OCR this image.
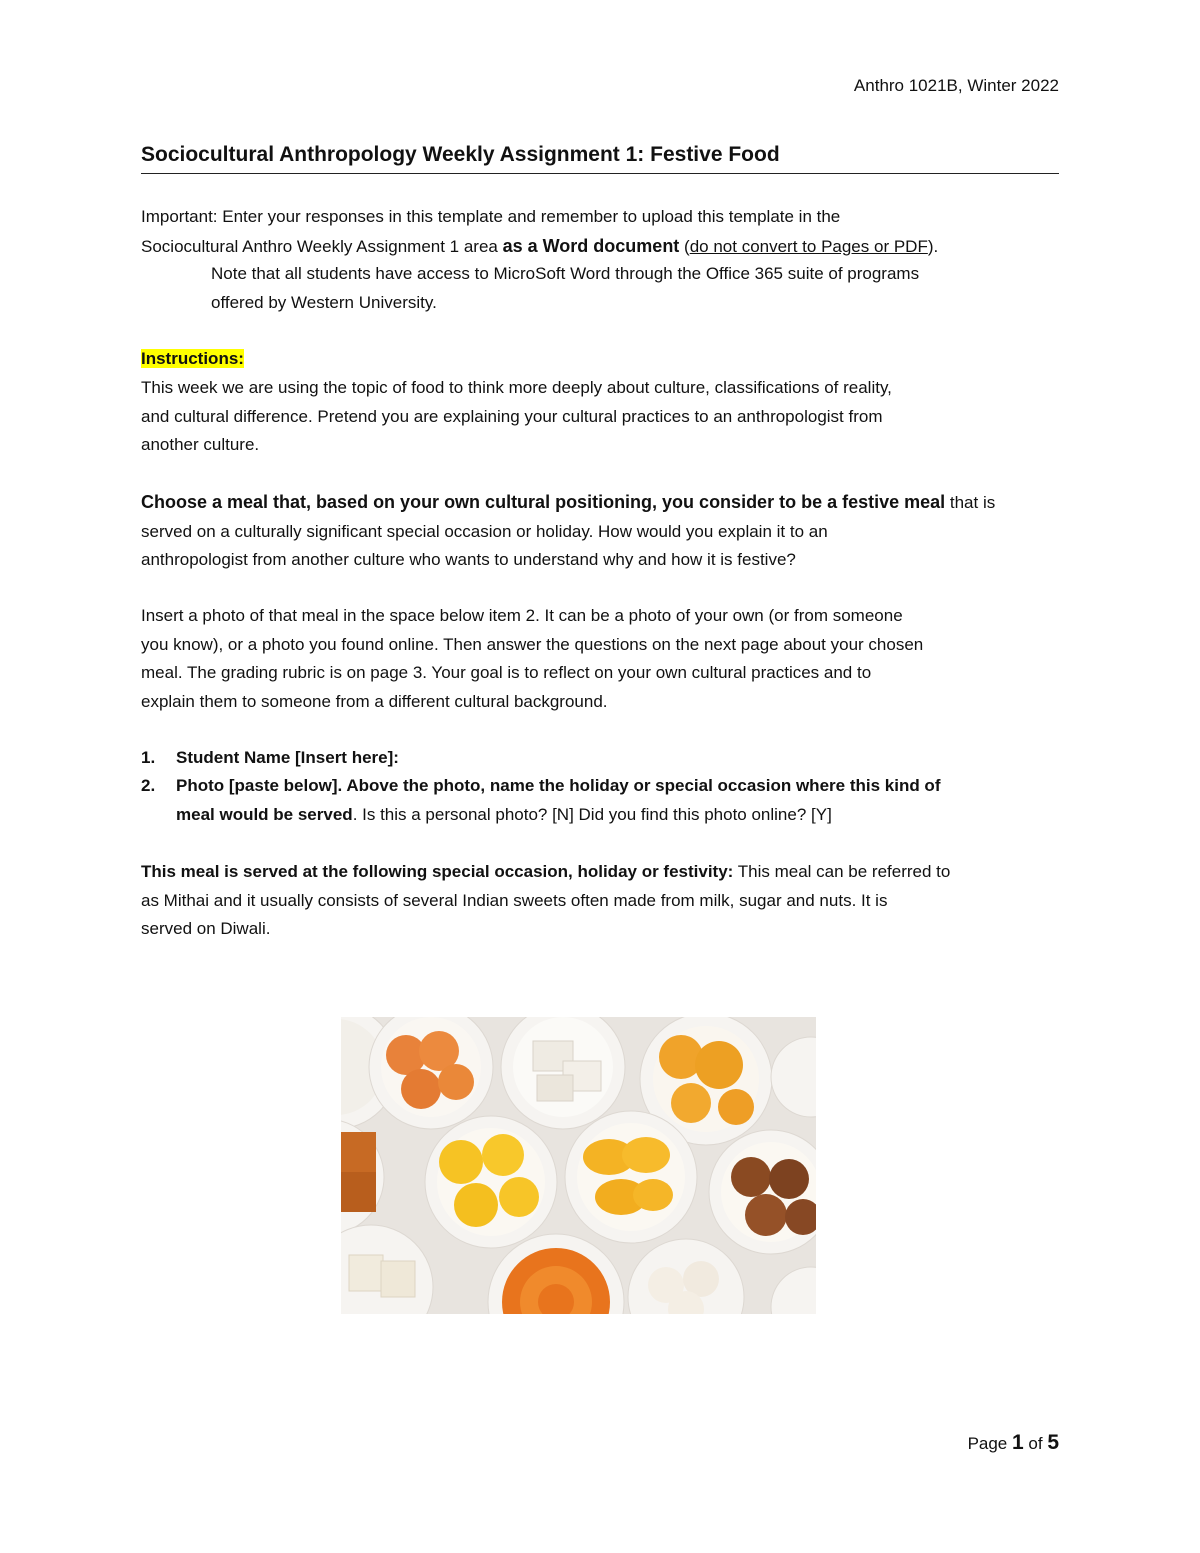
Anthro 1021B, Winter 2022
Sociocultural Anthropology Weekly Assignment 1: Festive Food
Important: Enter your responses in this template and remember to upload this template in the
Sociocultural Anthro Weekly Assignment 1 area as a Word document (do not convert to Pages or PDF).
Note that all students have access to MicroSoft Word through the Office 365 suite of programs
offered by Western University.
Instructions:
This week we are using the topic of food to think more deeply about culture, classifications of reality,
and cultural difference. Pretend you are explaining your cultural practices to an anthropologist from
another culture.
Choose a meal that, based on your own cultural positioning, you consider to be a festive meal that is
served on a culturally significant special occasion or holiday. How would you explain it to an
anthropologist from another culture who wants to understand why and how it is festive?
Insert a photo of that meal in the space below item 2. It can be a photo of your own (or from someone
you know), or a photo you found online. Then answer the questions on the next page about your chosen
meal. The grading rubric is on page 3. Your goal is to reflect on your own cultural practices and to
explain them to someone from a different cultural background.
1. Student Name [Insert here]:
2. Photo [paste below]. Above the photo, name the holiday or special occasion where this kind of
meal would be served. Is this a personal photo? [N] Did you find this photo online? [Y]
This meal is served at the following special occasion, holiday or festivity: This meal can be referred to
as Mithai and it usually consists of several Indian sweets often made from milk, sugar and nuts. It is
served on Diwali.
Page 1 of 5
